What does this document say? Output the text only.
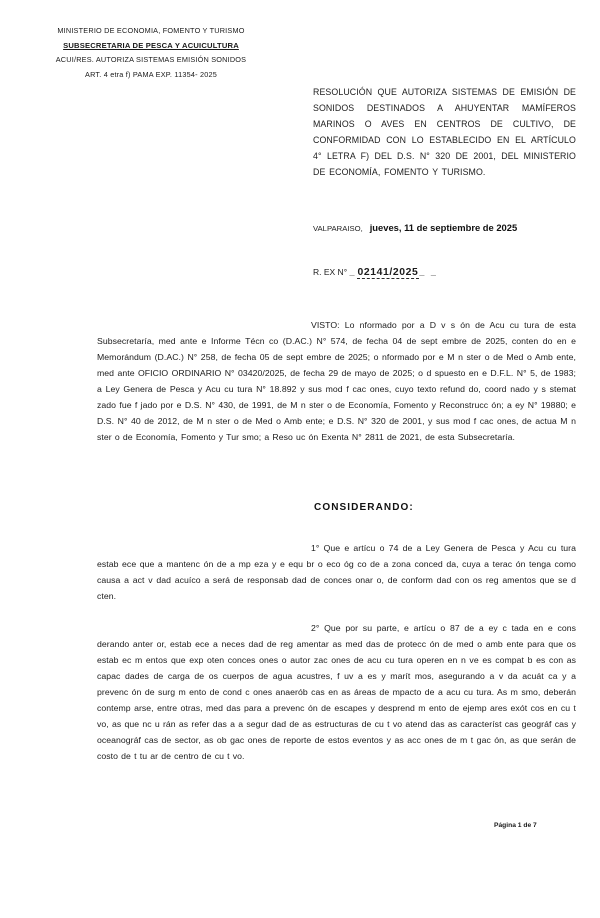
MINISTERIO DE ECONOMIA, FOMENTO Y TURISMO
SUBSECRETARIA DE PESCA Y ACUICULTURA
ACUI/RES. AUTORIZA SISTEMAS EMISIÓN SONIDOS
ART. 4 etra f) PAMA EXP. 11354- 2025
RESOLUCIÓN QUE AUTORIZA SISTEMAS DE EMISIÓN DE SONIDOS DESTINADOS A AHUYENTAR MAMÍFEROS MARINOS O AVES EN CENTROS DE CULTIVO, DE CONFORMIDAD CON LO ESTABLECIDO EN EL ARTÍCULO 4° LETRA F) DEL D.S. N° 320 DE 2001, DEL MINISTERIO DE ECONOMÍA, FOMENTO Y TURISMO.
VALPARAISO, jueves, 11 de septiembre de 2025
R. EX N° _02141/2025_ _
VISTO: Lo nformado por a D v s ón de Acu cu tura de esta Subsecretaría, med ante e Informe Técn co (D.AC.) N° 574, de fecha 04 de sept embre de 2025, conten do en e Memorándum (D.AC.) N° 258, de fecha 05 de sept embre de 2025; o nformado por e M n ster o de Med o Amb ente, med ante OFICIO ORDINARIO N° 03420/2025, de fecha 29 de mayo de 2025; o d spuesto en e D.F.L. N° 5, de 1983; a Ley Genera de Pesca y Acu cu tura N° 18.892 y sus mod f cac ones, cuyo texto refund do, coord nado y s stemat zado fue f jado por e D.S. N° 430, de 1991, de M n ster o de Economía, Fomento y Reconstrucc ón; a ey N° 19880; e D.S. N° 40 de 2012, de M n ster o de Med o Amb ente; e D.S. N° 320 de 2001, y sus mod f cac ones, de actua M n ster o de Economía, Fomento y Tur smo; a Reso uc ón Exenta N° 2811 de 2021, de esta Subsecretaría.
CONSIDERANDO:
1° Que e artícu o 74 de a Ley Genera de Pesca y Acu cu tura estab ece que a mantenc ón de a mp eza y e equ br o eco óg co de a zona conced da, cuya a terac ón tenga como causa a act v dad acuíco a será de responsab dad de conces onar o, de conform dad con os reg amentos que se d cten.
2° Que por su parte, e artícu o 87 de a ey c tada en e cons derando anter or, estab ece a neces dad de reg amentar as med das de protecc ón de med o amb ente para que os estab ec m entos que exp oten conces ones o autor zac ones de acu cu tura operen en n ve es compat b es con as capac dades de carga de os cuerpos de agua acustres, f uv a es y marít mos, asegurando a v da acuát ca y a prevenc ón de surg m ento de cond c ones anaerób cas en as áreas de mpacto de a acu cu tura. As m smo, deberán contemp arse, entre otras, med das para a prevenc ón de escapes y desprend m ento de ejemp ares exót cos en cu t vo, as que nc u rán as refer das a a segur dad de as estructuras de cu t vo atend das as característ cas geográf cas y oceanográf cas de sector, as ob gac ones de reporte de estos eventos y as acc ones de m t gac ón, as que serán de costo de t tu ar de centro de cu t vo.
Página 1 de 7
